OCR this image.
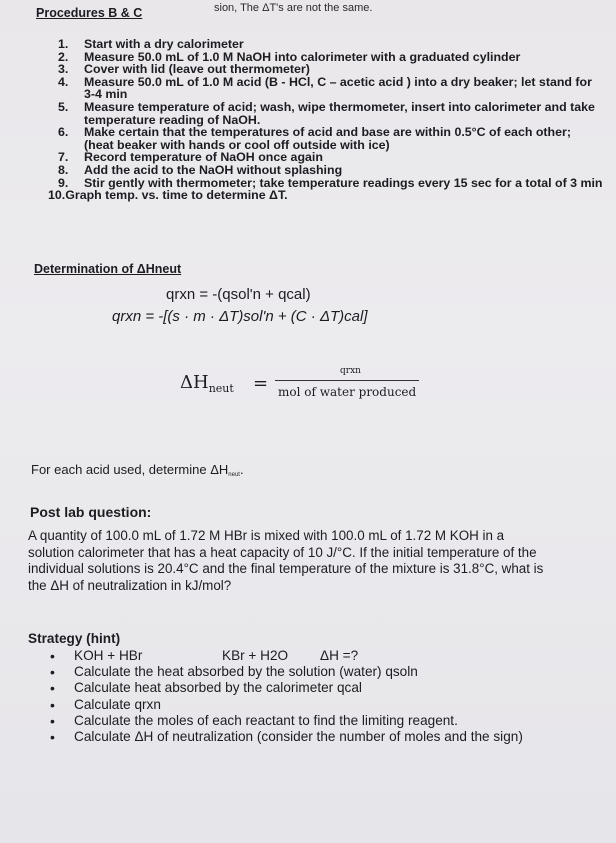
sion, The ΔT's are not the same.
Procedures B & C
1. Start with a dry calorimeter
2. Measure 50.0 mL of 1.0 M NaOH into calorimeter with a graduated cylinder
3. Cover with lid (leave out thermometer)
4. Measure 50.0 mL of 1.0 M acid (B - HCl, C – acetic acid ) into a dry beaker; let stand for 3-4 min
5. Measure temperature of acid; wash, wipe thermometer, insert into calorimeter and take temperature reading of NaOH.
6. Make certain that the temperatures of acid and base are within 0.5°C of each other; (heat beaker with hands or cool off outside with ice)
7. Record temperature of NaOH once again
8. Add the acid to the NaOH without splashing
9. Stir gently with thermometer; take temperature readings every 15 sec for a total of 3 min
10.Graph temp. vs. time to determine ΔT.
Determination of ΔHneut
qrxn = -(qsol'n + qcal)
qrxn = -[(s · m · ΔT)sol'n + (C · ΔT)cal]
$\Delta H_{neut}$ =
qrxn
mol of water produced
For each acid used, determine $\Delta H_{neut}$.
Post lab question:
A quantity of 100.0 mL of 1.72 M HBr is mixed with 100.0 mL of 1.72 M KOH in a
solution calorimeter that has a heat capacity of 10 J/°C. If the initial temperature of the
individual solutions is 20.4°C and the final temperature of the mixture is 31.8°C, what is
the ΔH of neutralization in kJ/mol?
Strategy (hint)
• KOH + HBr	KBr + H2O ΔH =?
• Calculate the heat absorbed by the solution (water) qsoln
• Calculate heat absorbed by the calorimeter qcal
• Calculate qrxn
• Calculate the moles of each reactant to find the limiting reagent.
• Calculate ΔH of neutralization (consider the number of moles and the sign)
